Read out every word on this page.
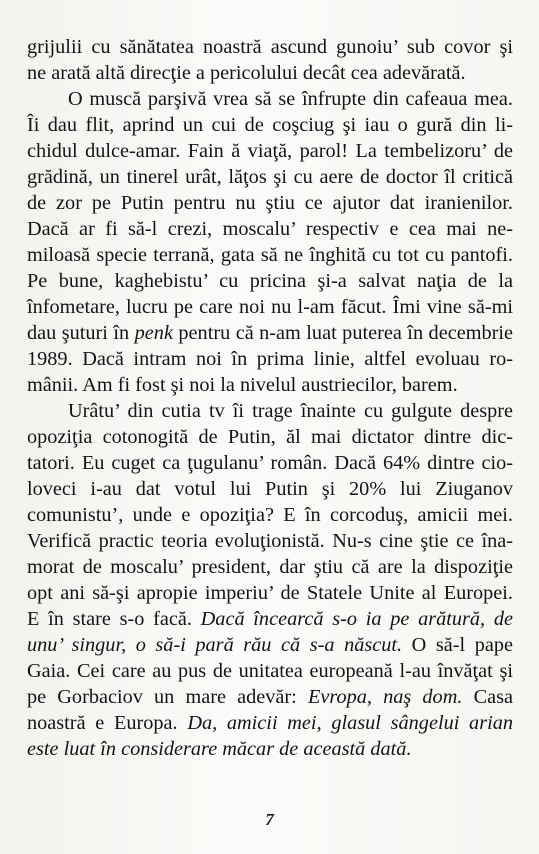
grijulii cu sănătatea noastră ascund gunoiu’ sub covor şi
ne arată altă direcţie a pericolului decât cea adevărată.
O muscă parşivă vrea să se înfrupte din cafeaua mea.
Îi dau flit, aprind un cui de coşciug şi iau o gură din li-
chidul dulce-amar. Fain ă viaţă, parol! La tembelizoru’ de
grădină, un tinerel urât, lăţos şi cu aere de doctor îl critică
de zor pe Putin pentru nu ştiu ce ajutor dat iranienilor.
Dacă ar fi să-l crezi, moscalu’ respectiv e cea mai ne-
miloasă specie terrană, gata să ne înghită cu tot cu pantofi.
Pe bune, kaghebistu’ cu pricina şi-a salvat naţia de la
înfometare, lucru pe care noi nu l-am făcut. Îmi vine să-mi
dau şuturi în penk pentru că n-am luat puterea în decembrie
1989. Dacă intram noi în prima linie, altfel evoluau ro-
mânii. Am fi fost şi noi la nivelul austriecilor, barem.
Urâtu’ din cutia tv îi trage înainte cu gulgute despre
opoziţia cotonogită de Putin, ăl mai dictator dintre dic-
tatori. Eu cuget ca ţugulanu’ român. Dacă 64% dintre cio-
loveci i-au dat votul lui Putin şi 20% lui Ziuganov
comunistu’, unde e opoziţia? E în corcoduş, amicii mei.
Verifică practic teoria evoluţionistă. Nu-s cine ştie ce îna-
morat de moscalu’ president, dar ştiu că are la dispoziţie
opt ani să-şi apropie imperiu’ de Statele Unite al Europei.
E în stare s-o facă. Dacă încearcă s-o ia pe arătură, de
unu’ singur, o să-i pară rău că s-a născut. O să-l pape
Gaia. Cei care au pus de unitatea europeană l-au învăţat şi
pe Gorbaciov un mare adevăr: Evropa, naş dom. Casa
noastră e Europa. Da, amicii mei, glasul sângelui arian
este luat în considerare măcar de această dată.
7
